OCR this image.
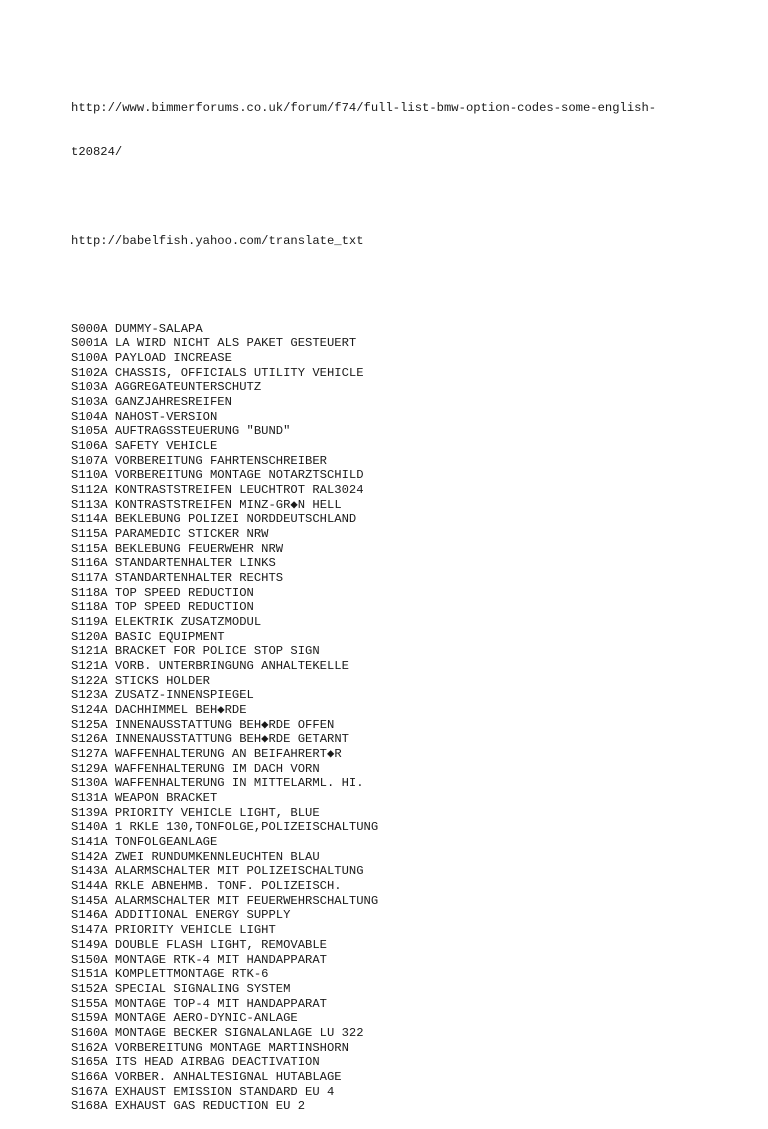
http://www.bimmerforums.co.uk/forum/f74/full-list-bmw-option-codes-some-english-

t20824/

http://babelfish.yahoo.com/translate_txt

S000A DUMMY-SALAPA
S001A LA WIRD NICHT ALS PAKET GESTEUERT
S100A PAYLOAD INCREASE
S102A CHASSIS, OFFICIALS UTILITY VEHICLE
S103A AGGREGATEUNTERSCHUTZ
S103A GANZJAHRESREIFEN
S104A NAHOST-VERSION
S105A AUFTRAGSSTEUERUNG "BUND"
S106A SAFETY VEHICLE
S107A VORBEREITUNG FAHRTENSCHREIBER
S110A VORBEREITUNG MONTAGE NOTARZTSCHILD
S112A KONTRASTSTREIFEN LEUCHTROT RAL3024
S113A KONTRASTSTREIFEN MINZ-GR◆N HELL
S114A BEKLEBUNG POLIZEI NORDDEUTSCHLAND
S115A PARAMEDIC STICKER NRW
S115A BEKLEBUNG FEUERWEHR NRW
S116A STANDARTENHALTER LINKS
S117A STANDARTENHALTER RECHTS
S118A TOP SPEED REDUCTION
S118A TOP SPEED REDUCTION
S119A ELEKTRIK ZUSATZMODUL
S120A BASIC EQUIPMENT
S121A BRACKET FOR POLICE STOP SIGN
S121A VORB. UNTERBRINGUNG ANHALTEKELLE
S122A STICKS HOLDER
S123A ZUSATZ-INNENSPIEGEL
S124A DACHHIMMEL BEH◆RDE
S125A INNENAUSSTATTUNG BEH◆RDE OFFEN
S126A INNENAUSSTATTUNG BEH◆RDE GETARNT
S127A WAFFENHALTERUNG AN BEIFAHRERT◆R
S129A WAFFENHALTERUNG IM DACH VORN
S130A WAFFENHALTERUNG IN MITTELARML. HI.
S131A WEAPON BRACKET
S139A PRIORITY VEHICLE LIGHT, BLUE
S140A 1 RKLE 130,TONFOLGE,POLIZEISCHALTUNG
S141A TONFOLGEANLAGE
S142A ZWEI RUNDUMKENNLEUCHTEN BLAU
S143A ALARMSCHALTER MIT POLIZEISCHALTUNG
S144A RKLE ABNEHMB. TONF. POLIZEISCH.
S145A ALARMSCHALTER MIT FEUERWEHRSCHALTUNG
S146A ADDITIONAL ENERGY SUPPLY
S147A PRIORITY VEHICLE LIGHT
S149A DOUBLE FLASH LIGHT, REMOVABLE
S150A MONTAGE RTK-4 MIT HANDAPPARAT
S151A KOMPLETTMONTAGE RTK-6
S152A SPECIAL SIGNALING SYSTEM
S155A MONTAGE TOP-4 MIT HANDAPPARAT
S159A MONTAGE AERO-DYNIC-ANLAGE
S160A MONTAGE BECKER SIGNALANLAGE LU 322
S162A VORBEREITUNG MONTAGE MARTINSHORN
S165A ITS HEAD AIRBAG DEACTIVATION
S166A VORBER. ANHALTESIGNAL HUTABLAGE
S167A EXHAUST EMISSION STANDARD EU 4
S168A EXHAUST GAS REDUCTION EU 2
